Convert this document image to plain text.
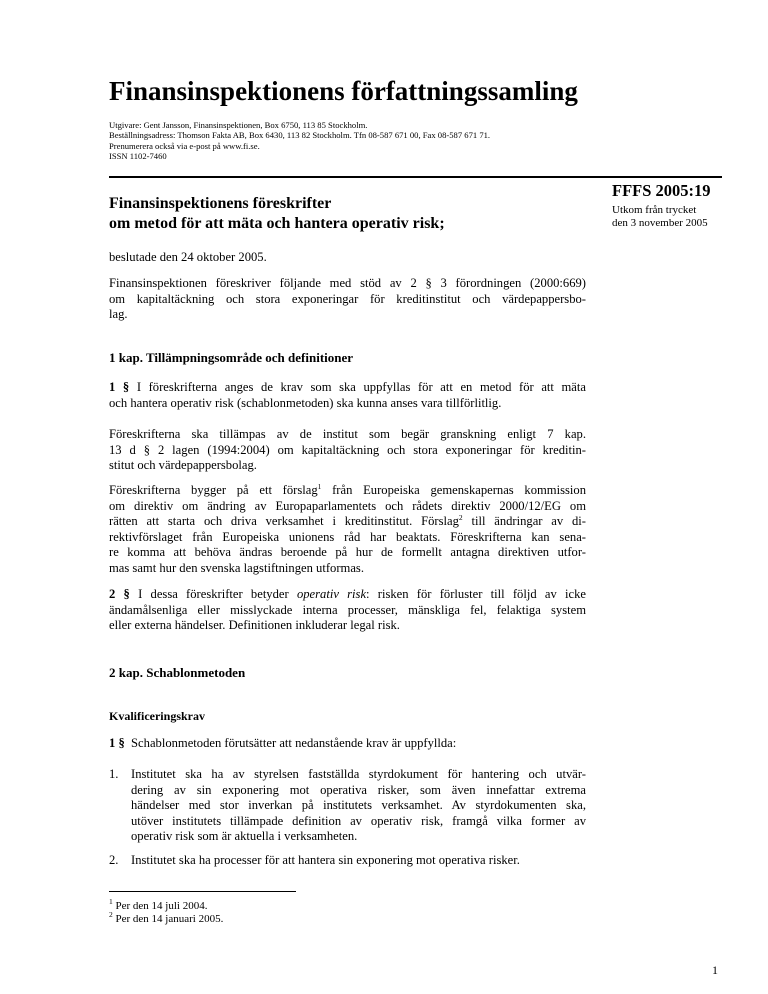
Finansinspektionens författningssamling
Utgivare: Gent Jansson, Finansinspektionen, Box 6750, 113 85 Stockholm.
Beställningsadress: Thomson Fakta AB, Box 6430, 113 82 Stockholm. Tfn 08-587 671 00, Fax 08-587 671 71.
Prenumerera också via e-post på www.fi.se.
ISSN 1102-7460
FFFS 2005:19
Utkom från trycket
den 3 november 2005
Finansinspektionens föreskrifter
om metod för att mäta och hantera operativ risk;
beslutade den 24 oktober 2005.
Finansinspektionen föreskriver följande med stöd av 2 § 3 förordningen (2000:669)
om kapitaltäckning och stora exponeringar för kreditinstitut och värdepappersbo-
lag.
1 kap. Tillämpningsområde och definitioner
1 § I föreskrifterna anges de krav som ska uppfyllas för att en metod för att mäta
och hantera operativ risk (schablonmetoden) ska kunna anses vara tillförlitlig.
Föreskrifterna ska tillämpas av de institut som begär granskning enligt 7 kap.
13 d § 2 lagen (1994:2004) om kapitaltäckning och stora exponeringar för kreditin-
stitut och värdepappersbolag.
Föreskrifterna bygger på ett förslag$^1$ från Europeiska gemenskapernas kommission
om direktiv om ändring av Europaparlamentets och rådets direktiv 2000/12/EG om
rätten att starta och driva verksamhet i kreditinstitut. Förslag$^2$ till ändringar av di-
rektivförslaget från Europeiska unionens råd har beaktats. Föreskrifterna kan sena-
re komma att behöva ändras beroende på hur de formellt antagna direktiven utfor-
mas samt hur den svenska lagstiftningen utformas.
2 § I dessa föreskrifter betyder operativ risk: risken för förluster till följd av icke
ändamålsenliga eller misslyckade interna processer, mänskliga fel, felaktiga system
eller externa händelser. Definitionen inkluderar legal risk.
2 kap. Schablonmetoden
Kvalificeringskrav
1 § Schablonmetoden förutsätter att nedanstående krav är uppfyllda:
1. Institutet ska ha av styrelsen fastställda styrdokument för hantering och utvär-
dering av sin exponering mot operativa risker, som även innefattar extrema
händelser med stor inverkan på institutets verksamhet. Av styrdokumenten ska,
utöver institutets tillämpade definition av operativ risk, framgå vilka former av
operativ risk som är aktuella i verksamheten.
2. Institutet ska ha processer för att hantera sin exponering mot operativa risker.
$^1$ Per den 14 juli 2004.
$^2$ Per den 14 januari 2005.
1
